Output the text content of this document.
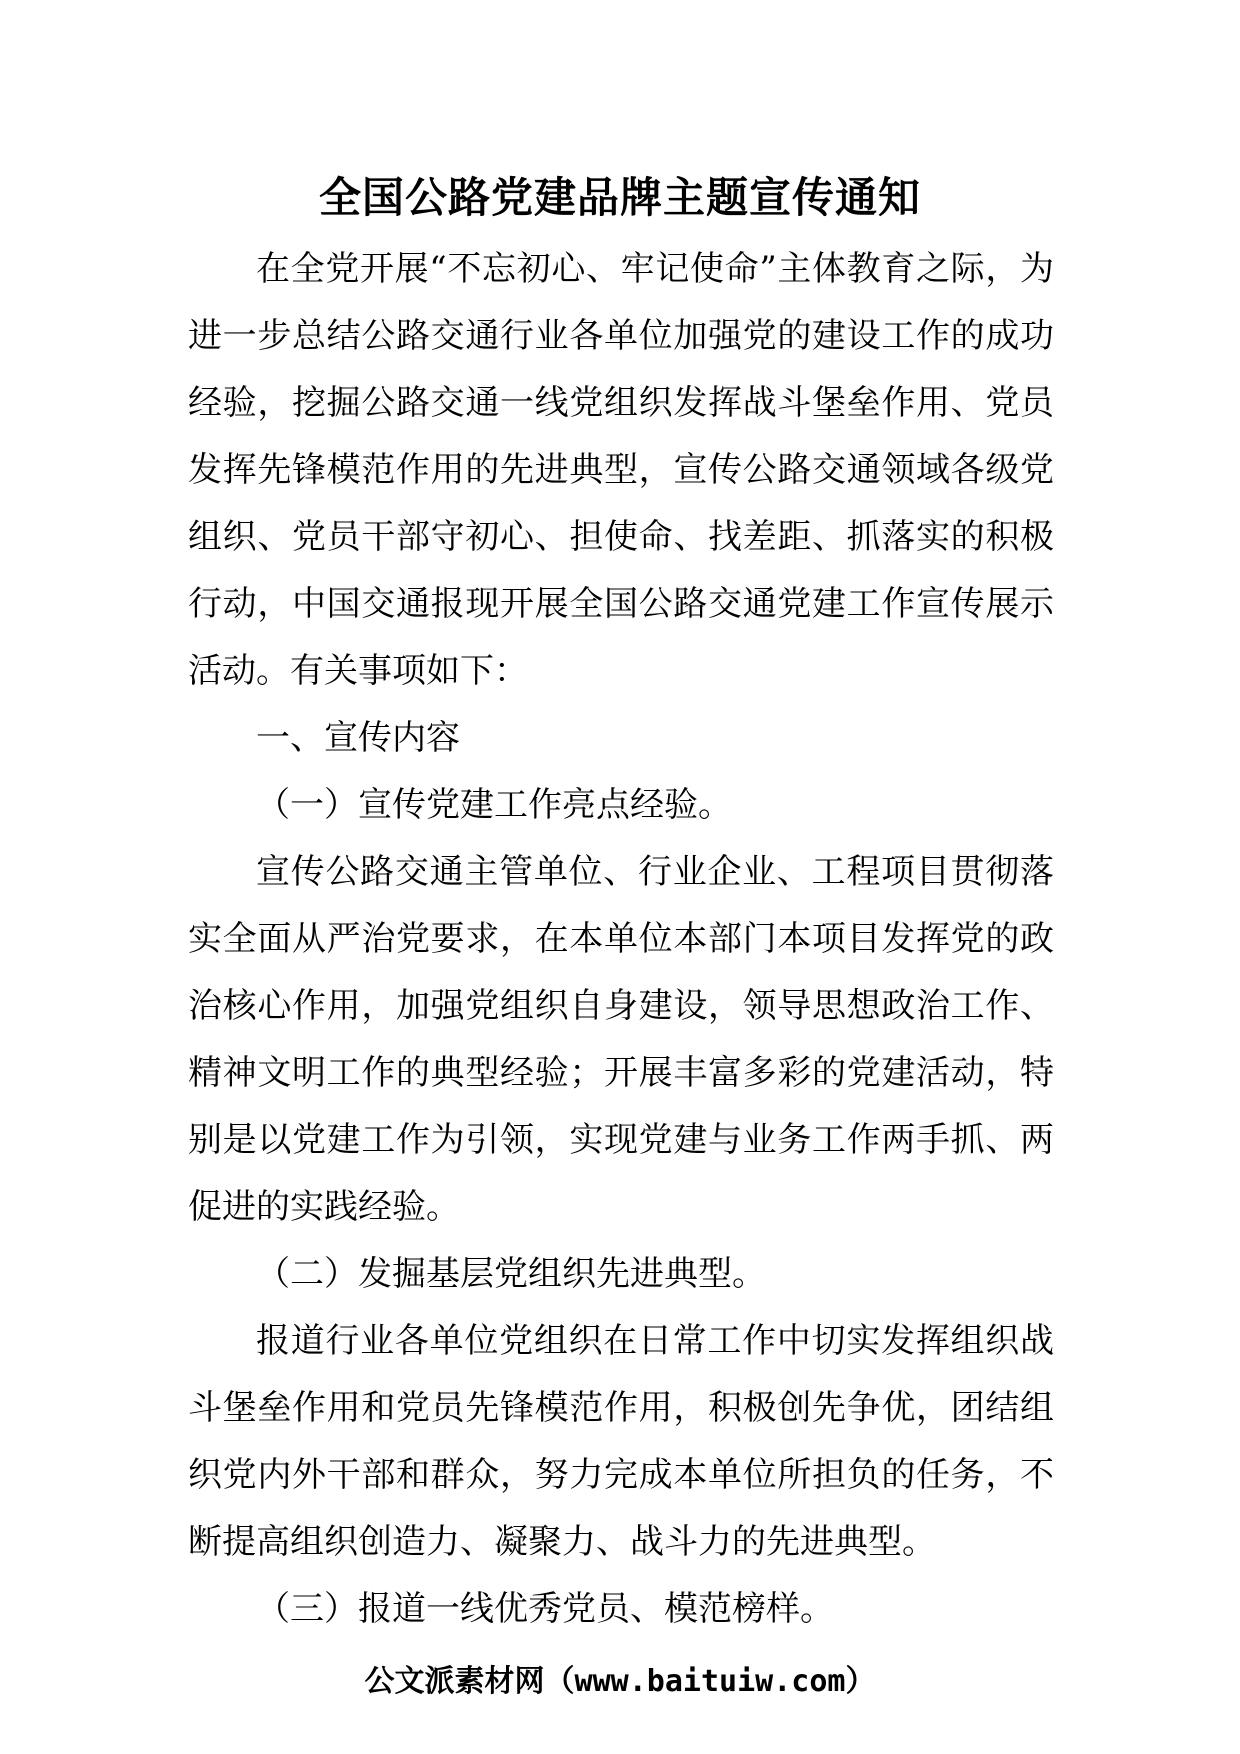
全国公路党建品牌主题宣传通知

在全党开展“不忘初心、牢记使命”主体教育之际，为进一步总结公路交通行业各单位加强党的建设工作的成功经验，挖掘公路交通一线党组织发挥战斗堡垒作用、党员发挥先锋模范作用的先进典型，宣传公路交通领域各级党组织、党员干部守初心、担使命、找差距、抓落实的积极行动，中国交通报现开展全国公路交通党建工作宣传展示活动。有关事项如下：

一、宣传内容

（一）宣传党建工作亮点经验。

宣传公路交通主管单位、行业企业、工程项目贯彻落实全面从严治党要求，在本单位本部门本项目发挥党的政治核心作用，加强党组织自身建设，领导思想政治工作、精神文明工作的典型经验；开展丰富多彩的党建活动，特别是以党建工作为引领，实现党建与业务工作两手抓、两促进的实践经验。

（二）发掘基层党组织先进典型。

报道行业各单位党组织在日常工作中切实发挥组织战斗堡垒作用和党员先锋模范作用，积极创先争优，团结组织党内外干部和群众，努力完成本单位所担负的任务，不断提高组织创造力、凝聚力、战斗力的先进典型。

（三）报道一线优秀党员、模范榜样。

公文派素材网（www.baituiw.com）
